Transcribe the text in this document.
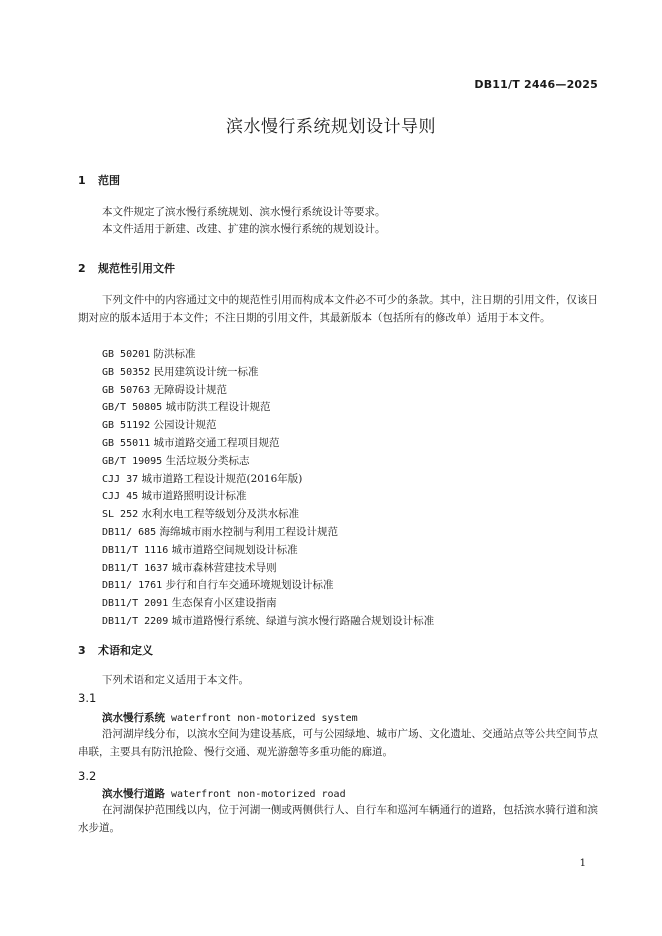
DB11/T 2446—2025
滨水慢行系统规划设计导则
1 范围
本文件规定了滨水慢行系统规划、滨水慢行系统设计等要求。
本文件适用于新建、改建、扩建的滨水慢行系统的规划设计。
2 规范性引用文件
下列文件中的内容通过文中的规范性引用而构成本文件必不可少的条款。其中，注日期的引用文件，仅该日期对应的版本适用于本文件；不注日期的引用文件，其最新版本（包括所有的修改单）适用于本文件。
GB 50201 防洪标准
GB 50352 民用建筑设计统一标准
GB 50763 无障碍设计规范
GB/T 50805 城市防洪工程设计规范
GB 51192 公园设计规范
GB 55011 城市道路交通工程项目规范
GB/T 19095 生活垃圾分类标志
CJJ 37 城市道路工程设计规范(2016年版)
CJJ 45 城市道路照明设计标准
SL 252 水利水电工程等级划分及洪水标准
DB11/ 685 海绵城市雨水控制与利用工程设计规范
DB11/T 1116 城市道路空间规划设计标准
DB11/T 1637 城市森林营建技术导则
DB11/ 1761 步行和自行车交通环境规划设计标准
DB11/T 2091 生态保育小区建设指南
DB11/T 2209 城市道路慢行系统、绿道与滨水慢行路融合规划设计标准
3 术语和定义
下列术语和定义适用于本文件。
3.1
滨水慢行系统 waterfront non-motorized system
沿河湖岸线分布，以滨水空间为建设基底，可与公园绿地、城市广场、文化遗址、交通站点等公共空间节点串联，主要具有防汛抢险、慢行交通、观光游憩等多重功能的廊道。
3.2
滨水慢行道路 waterfront non-motorized road
在河湖保护范围线以内，位于河湖一侧或两侧供行人、自行车和巡河车辆通行的道路，包括滨水骑行道和滨水步道。
1
